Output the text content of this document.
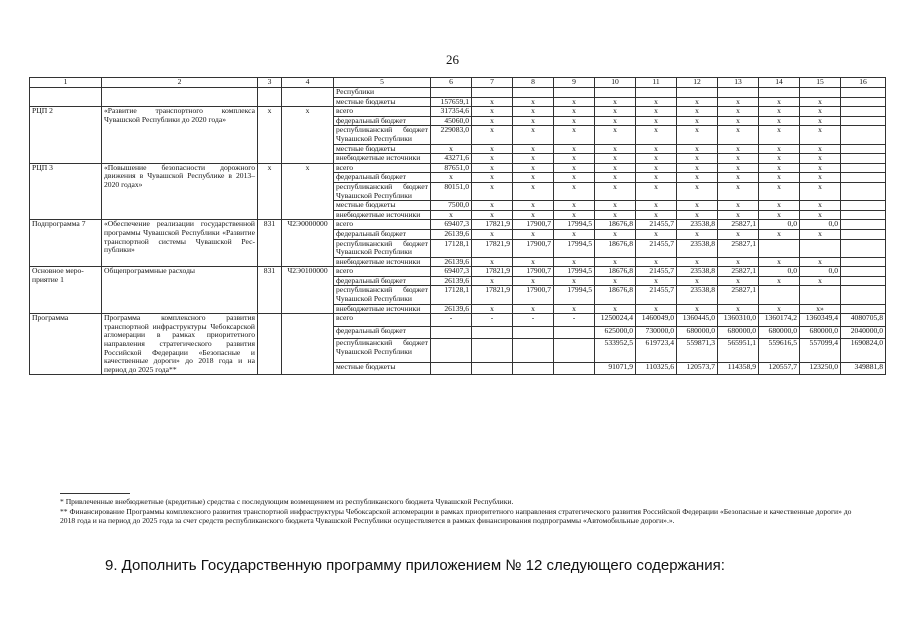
26
1	2	3	4	5	6	7	8	9	10	11	12	13	14	15	16
				Республики											
				местные бюджеты	157659,1	x	x	x	x	x	x	x	x	x	
РЦП 2	«Развитие транспортного комплекса Чувашской Республики до 2020 года»	x	x	всего	317354,6	x	x	x	x	x	x	x	x	x	
				федеральный бюджет	45060,0	x	x	x	x	x	x	x	x	x	
				республиканский бюджет Чувашской Республики	229083,0	x	x	x	x	x	x	x	x	x	
				местные бюджеты	x	x	x	x	x	x	x	x	x	x	
				внебюджетные источники	43271,6	x	x	x	x	x	x	x	x	x	
РЦП 3	«Повышение безопасности дорожного движения в Чувашской Республике в 2013–2020 годах»	x	x	всего	87651,0	x	x	x	x	x	x	x	x	x	
				федеральный бюджет	x	x	x	x	x	x	x	x	x	x	
				республиканский бюджет Чувашской Республики	80151,0	x	x	x	x	x	x	x	x	x	
				местные бюджеты	7500,0	x	x	x	x	x	x	x	x	x	
				внебюджетные источники	x	x	x	x	x	x	x	x	x	x	
Подпрограмма 7	«Обеспечение реализации государственной программы Чувашской Республики «Развитие транспортной системы Чувашской Республики»	831	Ч2Э0000000	всего	69407,3	17821,9	17900,7	17994,5	18676,8	21455,7	23538,8	25827,1	0,0	0,0	
				федеральный бюджет	26139,6	x	x	x	x	x	x	x	x	x	
				республиканский бюджет Чувашской Республики	17128,1	17821,9	17900,7	17994,5	18676,8	21455,7	23538,8	25827,1			
				внебюджетные источники	26139,6	x	x	x	x	x	x	x	x	x	
Основное мероприятие 1	Общепрограммные расходы	831	Ч2Э0100000	всего	69407,3	17821,9	17900,7	17994,5	18676,8	21455,7	23538,8	25827,1	0,0	0,0	
				федеральный бюджет	26139,6	x	x	x	x	x	x	x	x	x	
				республиканский бюджет Чувашской Республики	17128,1	17821,9	17900,7	17994,5	18676,8	21455,7	23538,8	25827,1			
				внебюджетные источники	26139,6	x	x	x	x	x	x	x	x	x»	
Программа	Программа комплексного развития транспортной инфраструктуры Чебоксарской агломерации в рамках приоритетного направления стратегического развития Российской Федерации «Безопасные и качественные дороги» до 2018 года и на период до 2025 года**			всего	-	-	-	-	1250024,4	1460049,0	1360445,0	1360310,0	1360174,2	1360349,4	4080705,8
				федеральный бюджет					625000,0	730000,0	680000,0	680000,0	680000,0	680000,0	2040000,0
				республиканский бюджет Чувашской Республики					533952,5	619723,4	559871,3	565951,1	559616,5	557099,4	1690824,0
				местные бюджеты					91071,9	110325,6	120573,7	114358,9	120557,7	123250,0	349881,8
* Привлеченные внебюджетные (кредитные) средства с последующим возмещением из республиканского бюджета Чувашской Республики.
** Финансирование Программы комплексного развития транспортной инфраструктуры Чебоксарской агломерации в рамках приоритетного направления стратегического развития Российской Федерации «Безопасные и качественные дороги» до 2018 года и на период до 2025 года за счет средств республиканского бюджета Чувашской Республики осуществляется в рамках финансирования подпрограммы «Автомобильные дороги».».
9. Дополнить Государственную программу приложением № 12 следующего содержания:
